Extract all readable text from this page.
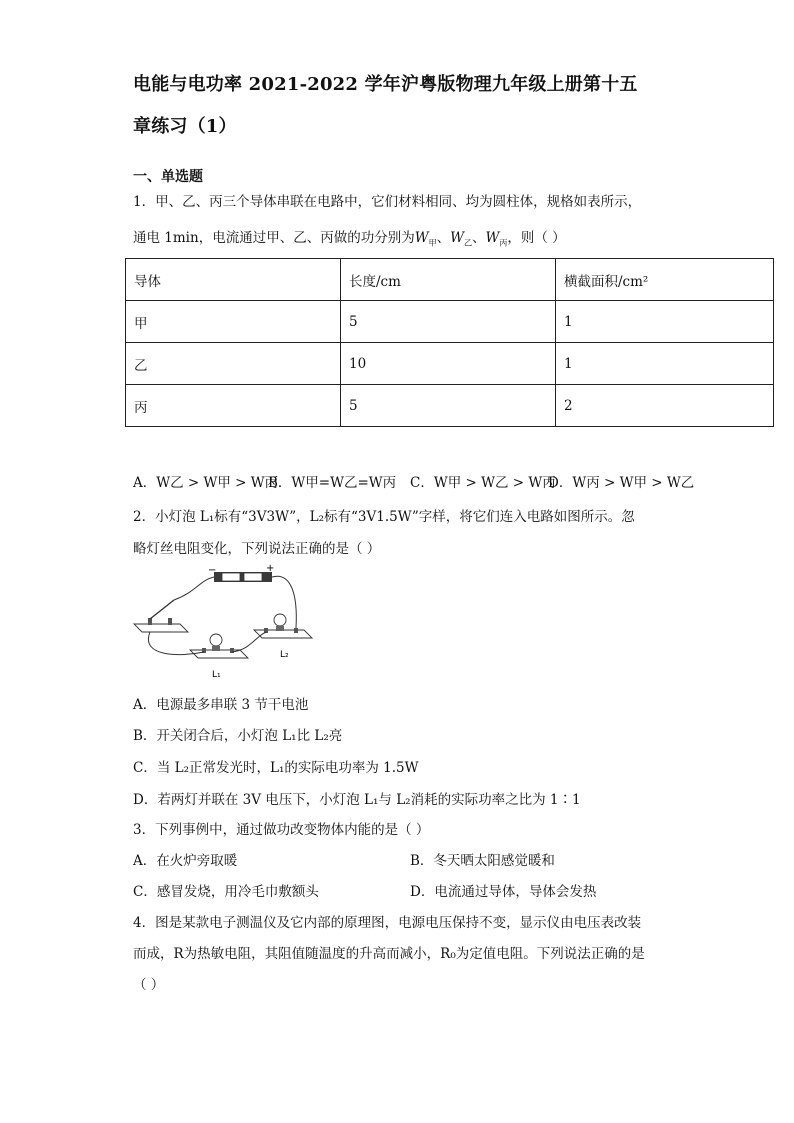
电能与电功率 2021-2022 学年沪粤版物理九年级上册第十五
章练习（1）
一、单选题
1．甲、乙、丙三个导体串联在电路中，它们材料相同、均为圆柱体，规格如表所示，
通电 1min，电流通过甲、乙、丙做的功分别为$W_甲$、$W_乙$、$W_丙$，则（ ）
导体	长度/cm	横截面积/cm²
甲	5	1
乙	10	1
丙	5	2
A．W乙 > W甲 > W丙
B．W甲=W乙=W丙 C．W甲 > W乙 > W丙
D．W丙 > W甲 > W乙
2．小灯泡 L₁标有“3V3W”，L₂标有“3V1.5W”字样，将它们连入电路如图所示。忽
略灯丝电阻变化，下列说法正确的是（ ）
−	+
L₁
L₂
A．电源最多串联 3 节干电池
B．开关闭合后，小灯泡 L₁比 L₂亮
C．当 L₂正常发光时，L₁的实际电功率为 1.5W
D．若两灯并联在 3V 电压下，小灯泡 L₁与 L₂消耗的实际功率之比为 1∶1
3．下列事例中，通过做功改变物体内能的是（ ）
A．在火炉旁取暖	B．冬天晒太阳感觉暖和
C．感冒发烧，用冷毛巾敷额头	D．电流通过导体，导体会发热
4．图是某款电子测温仪及它内部的原理图，电源电压保持不变，显示仪由电压表改装
而成，R为热敏电阻，其阻值随温度的升高而减小，R₀为定值电阻。下列说法正确的是
（ ）
